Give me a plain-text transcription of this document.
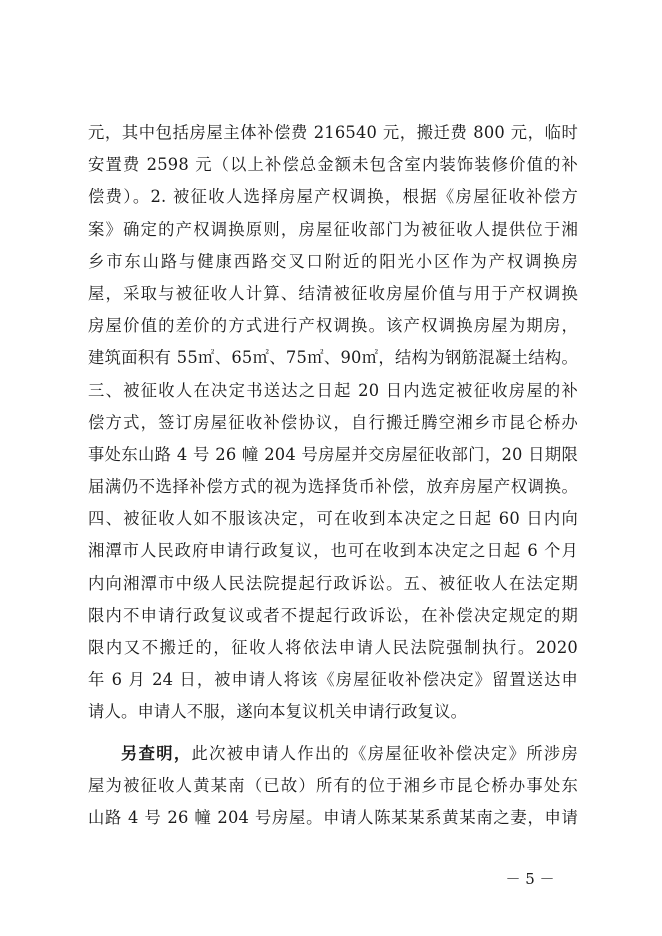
元，其中包括房屋主体补偿费 216540 元，搬迁费 800 元，临时
安置费 2598 元（以上补偿总金额未包含室内装饰装修价值的补
偿费）。2. 被征收人选择房屋产权调换，根据《房屋征收补偿方
案》确定的产权调换原则，房屋征收部门为被征收人提供位于湘
乡市东山路与健康西路交叉口附近的阳光小区作为产权调换房
屋，采取与被征收人计算、结清被征收房屋价值与用于产权调换
房屋价值的差价的方式进行产权调换。该产权调换房屋为期房，
建筑面积有 55㎡、65㎡、75㎡、90㎡，结构为钢筋混凝土结构。
三、被征收人在决定书送达之日起 20 日内选定被征收房屋的补
偿方式，签订房屋征收补偿协议，自行搬迁腾空湘乡市昆仑桥办
事处东山路 4 号 26 幢 204 号房屋并交房屋征收部门，20 日期限
届满仍不选择补偿方式的视为选择货币补偿，放弃房屋产权调换。
四、被征收人如不服该决定，可在收到本决定之日起 60 日内向
湘潭市人民政府申请行政复议，也可在收到本决定之日起 6 个月
内向湘潭市中级人民法院提起行政诉讼。五、被征收人在法定期
限内不申请行政复议或者不提起行政诉讼，在补偿决定规定的期
限内又不搬迁的，征收人将依法申请人民法院强制执行。2020
年 6 月 24 日，被申请人将该《房屋征收补偿决定》留置送达申
请人。申请人不服，遂向本复议机关申请行政复议。
另查明，此次被申请人作出的《房屋征收补偿决定》所涉房
屋为被征收人黄某南（已故）所有的位于湘乡市昆仑桥办事处东
山路 4 号 26 幢 204 号房屋。申请人陈某某系黄某南之妻，申请
－ 5 －
